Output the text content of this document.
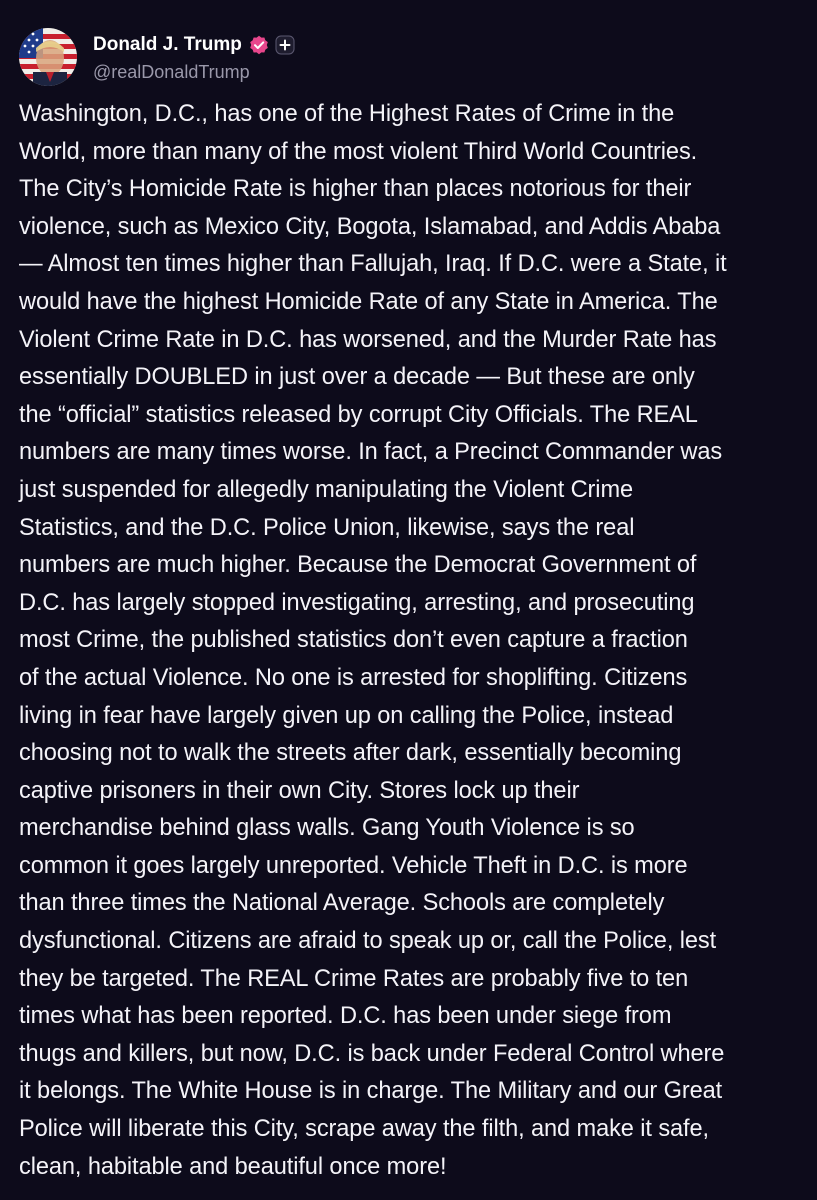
Donald J. Trump
@realDonaldTrump
Washington, D.C., has one of the Highest Rates of Crime in the
World, more than many of the most violent Third World Countries.
The City’s Homicide Rate is higher than places notorious for their
violence, such as Mexico City, Bogota, Islamabad, and Addis Ababa
— Almost ten times higher than Fallujah, Iraq. If D.C. were a State, it
would have the highest Homicide Rate of any State in America. The
Violent Crime Rate in D.C. has worsened, and the Murder Rate has
essentially DOUBLED in just over a decade — But these are only
the “official” statistics released by corrupt City Officials. The REAL
numbers are many times worse. In fact, a Precinct Commander was
just suspended for allegedly manipulating the Violent Crime
Statistics, and the D.C. Police Union, likewise, says the real
numbers are much higher. Because the Democrat Government of
D.C. has largely stopped investigating, arresting, and prosecuting
most Crime, the published statistics don’t even capture a fraction
of the actual Violence. No one is arrested for shoplifting. Citizens
living in fear have largely given up on calling the Police, instead
choosing not to walk the streets after dark, essentially becoming
captive prisoners in their own City. Stores lock up their
merchandise behind glass walls. Gang Youth Violence is so
common it goes largely unreported. Vehicle Theft in D.C. is more
than three times the National Average. Schools are completely
dysfunctional. Citizens are afraid to speak up or, call the Police, lest
they be targeted. The REAL Crime Rates are probably five to ten
times what has been reported. D.C. has been under siege from
thugs and killers, but now, D.C. is back under Federal Control where
it belongs. The White House is in charge. The Military and our Great
Police will liberate this City, scrape away the filth, and make it safe,
clean, habitable and beautiful once more!
